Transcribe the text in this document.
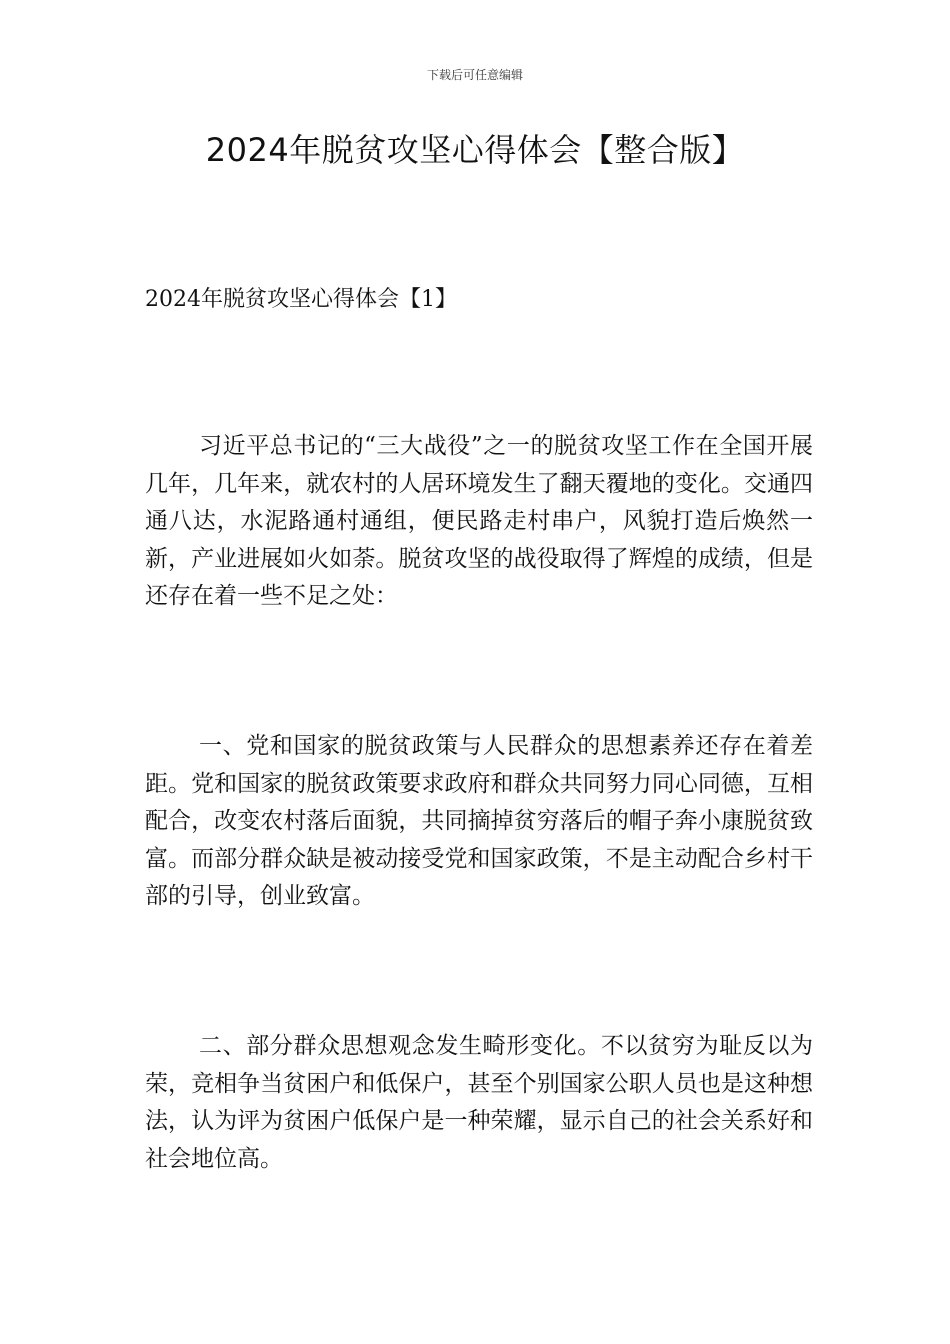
下载后可任意编辑
2024年脱贫攻坚心得体会【整合版】
2024年脱贫攻坚心得体会【1】

习近平总书记的“三大战役”之一的脱贫攻坚工作在全国开展几年，几年来，就农村的人居环境发生了翻天覆地的变化。交通四通八达，水泥路通村通组，便民路走村串户，风貌打造后焕然一新，产业进展如火如荼。脱贫攻坚的战役取得了辉煌的成绩，但是还存在着一些不足之处：

一、党和国家的脱贫政策与人民群众的思想素养还存在着差距。党和国家的脱贫政策要求政府和群众共同努力同心同德，互相配合，改变农村落后面貌，共同摘掉贫穷落后的帽子奔小康脱贫致富。而部分群众缺是被动接受党和国家政策，不是主动配合乡村干部的引导，创业致富。

二、部分群众思想观念发生畸形变化。不以贫穷为耻反以为荣，竞相争当贫困户和低保户，甚至个别国家公职人员也是这种想法，认为评为贫困户低保户是一种荣耀，显示自己的社会关系好和社会地位高。
